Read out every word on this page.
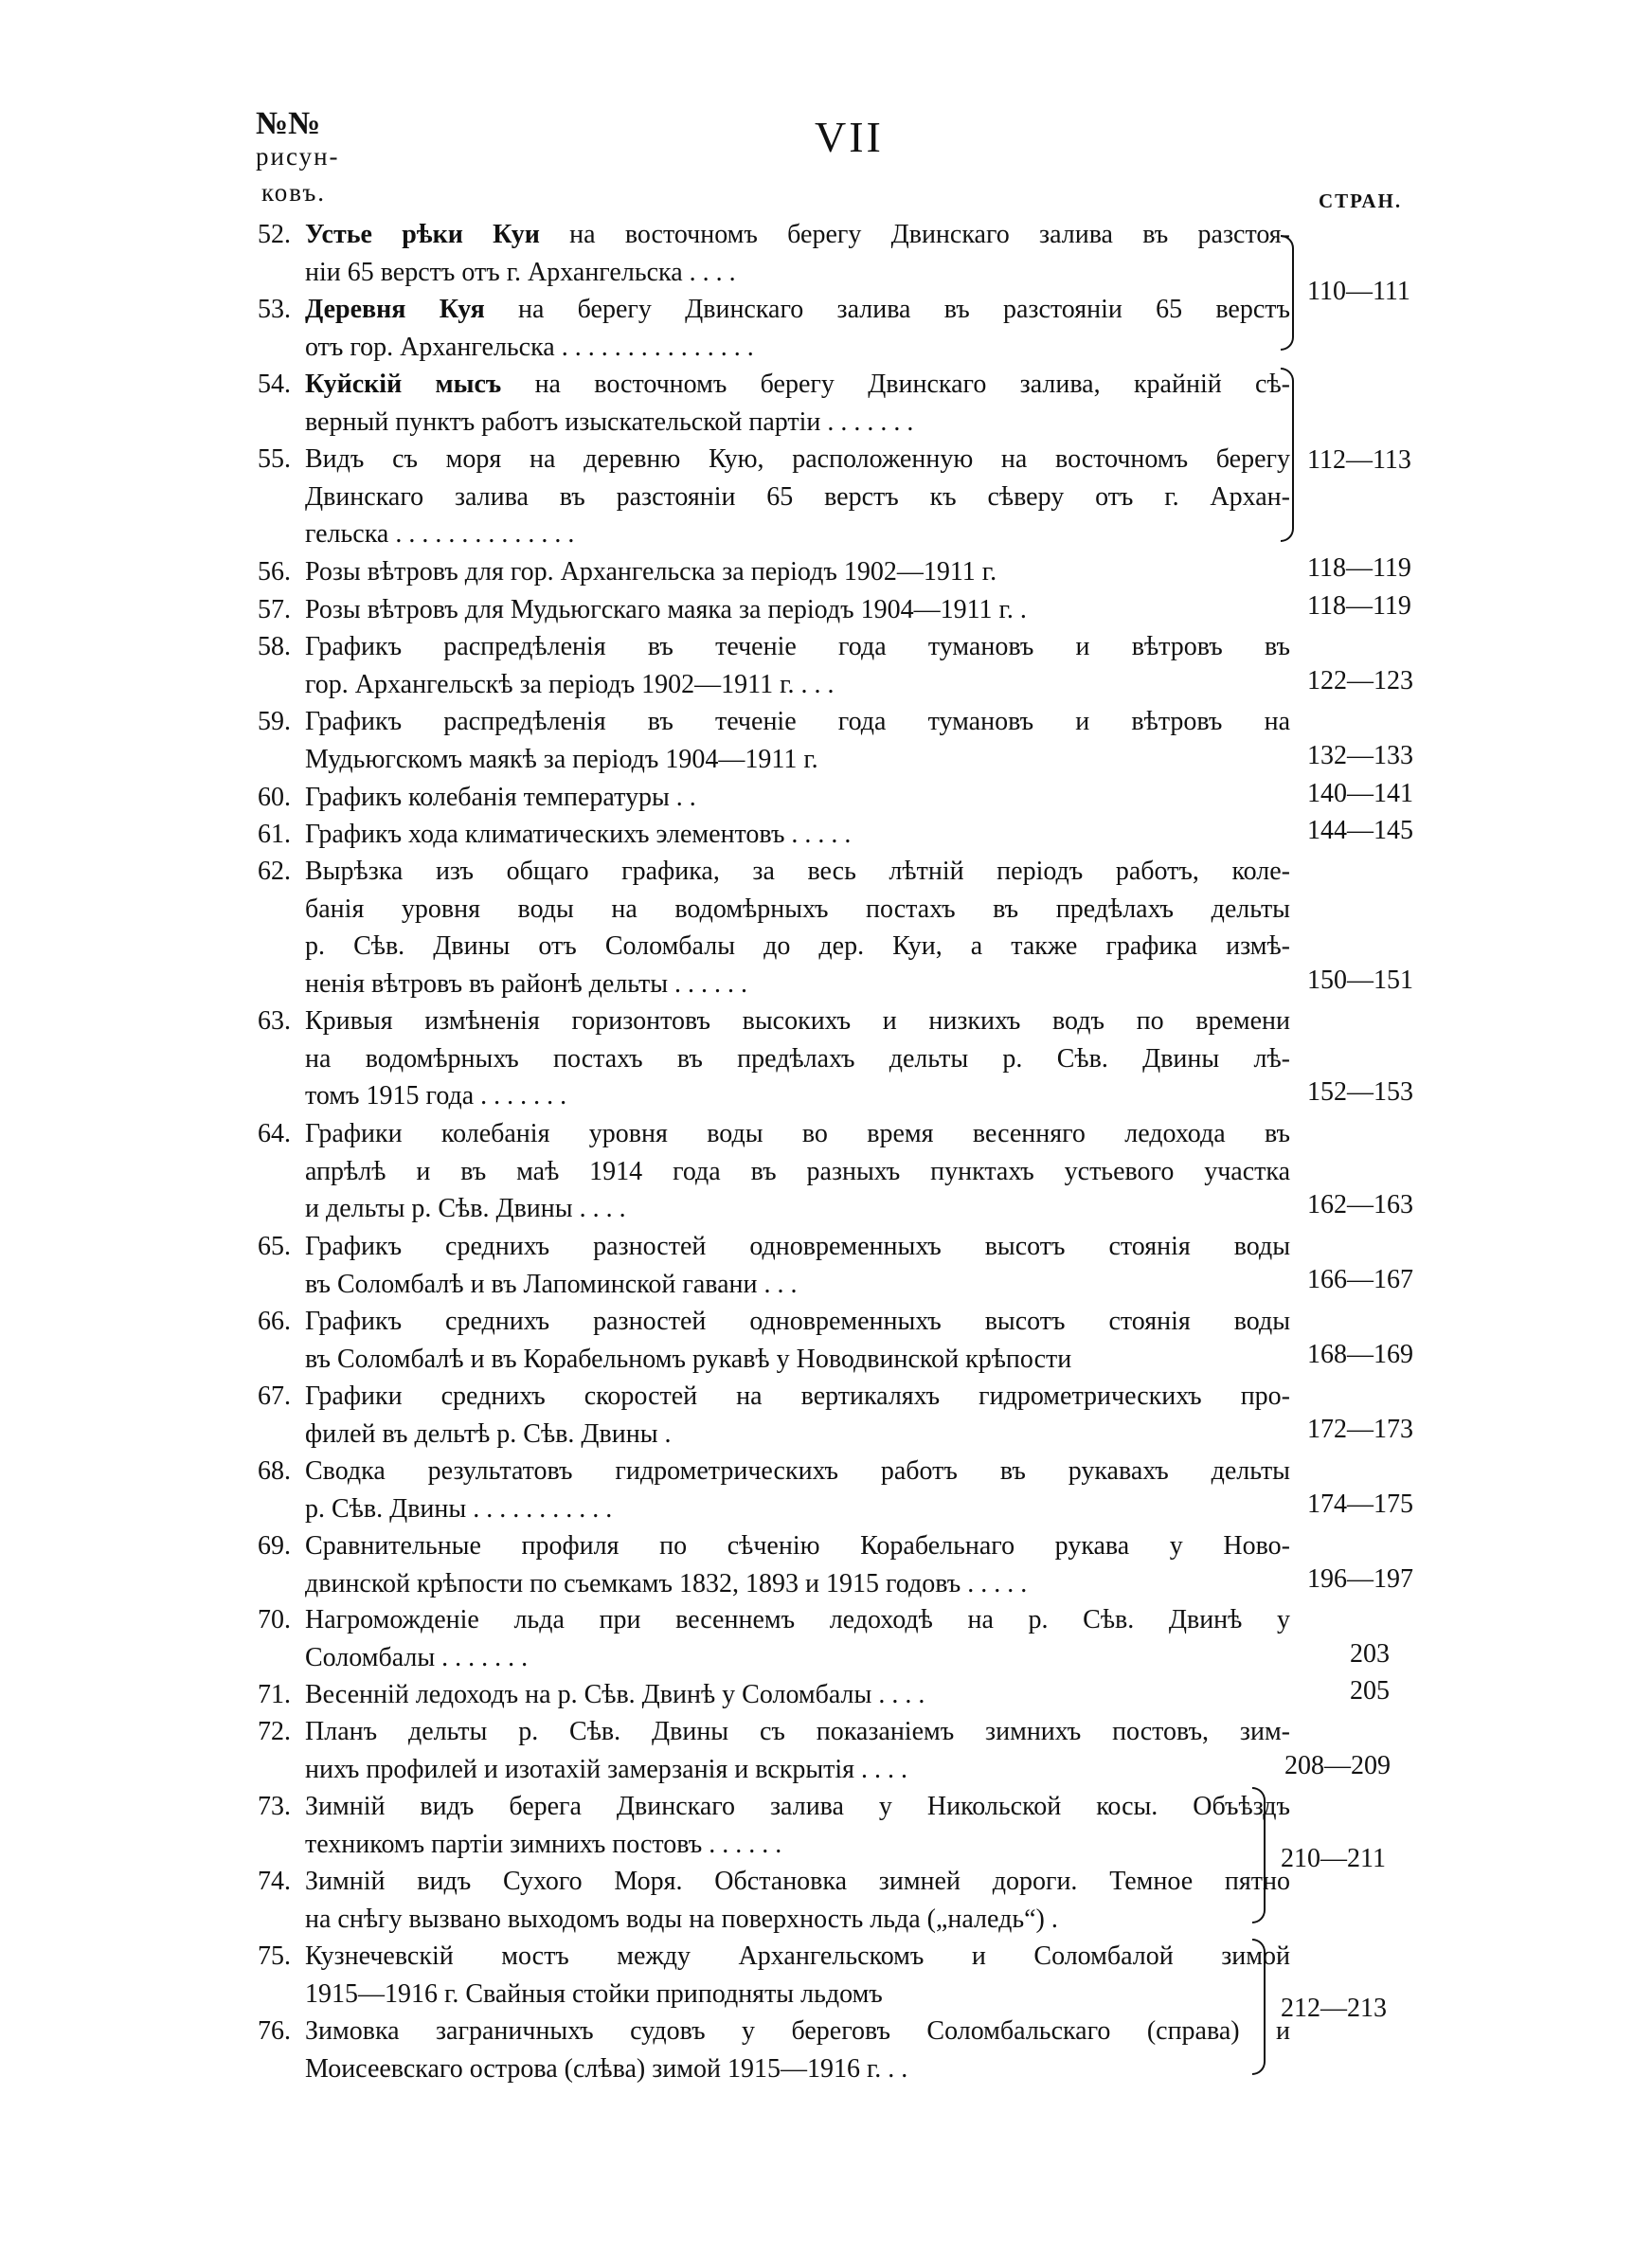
№№
рисун-
ковъ.
VII
СТРАН.
52. Устье рѣки Куи на восточномъ берегу Двинскаго залива въ разстоя-
ніи 65 верстъ отъ г. Архангельска . . . .
53. Деревня Куя на берегу Двинскаго залива въ разстояніи 65 верстъ
отъ гор. Архангельска . . . . . . . . . . . . . . .
54. Куйскій мысъ на восточномъ берегу Двинскаго залива, крайній сѣ-
верный пунктъ работъ изыскательской партіи . . . . . . .
55. Видъ съ моря на деревню Кую, расположенную на восточномъ берегу
Двинскаго залива въ разстояніи 65 верстъ къ сѣверу отъ г. Архан-
гельска . . . . . . . . . . . . . .
56. Розы вѣтровъ для гор. Архангельска за періодъ 1902—1911 г.
57. Розы вѣтровъ для Мудьюгскаго маяка за періодъ 1904—1911 г. .
58. Графикъ распредѣленія въ теченіе года тумановъ и вѣтровъ въ
гор. Архангельскѣ за періодъ 1902—1911 г. . . .
59. Графикъ распредѣленія въ теченіе года тумановъ и вѣтровъ на
Мудьюгскомъ маякѣ за періодъ 1904—1911 г.
60. Графикъ колебанія температуры . .
61. Графикъ хода климатическихъ элементовъ . . . . .
62. Вырѣзка изъ общаго графика, за весь лѣтній періодъ работъ, коле-
банія уровня воды на водомѣрныхъ постахъ въ предѣлахъ дельты
р. Сѣв. Двины отъ Соломбалы до дер. Куи, а также графика измѣ-
ненія вѣтровъ въ районѣ дельты . . . . . .
63. Кривыя измѣненія горизонтовъ высокихъ и низкихъ водъ по времени
на водомѣрныхъ постахъ въ предѣлахъ дельты р. Сѣв. Двины лѣ-
томъ 1915 года . . . . . . .
64. Графики колебанія уровня воды во время весенняго ледохода въ
апрѣлѣ и въ маѣ 1914 года въ разныхъ пунктахъ устьевого участка
и дельты р. Сѣв. Двины . . . .
65. Графикъ среднихъ разностей одновременныхъ высотъ стоянія воды
въ Соломбалѣ и въ Лапоминской гавани . . .
66. Графикъ среднихъ разностей одновременныхъ высотъ стоянія воды
въ Соломбалѣ и въ Корабельномъ рукавѣ у Новодвинской крѣпости
67. Графики среднихъ скоростей на вертикаляхъ гидрометрическихъ про-
филей въ дельтѣ р. Сѣв. Двины .
68. Сводка результатовъ гидрометрическихъ работъ въ рукавахъ дельты
р. Сѣв. Двины . . . . . . . . . . .
69. Сравнительные профиля по сѣченію Корабельнаго рукава у Ново-
двинской крѣпости по съемкамъ 1832, 1893 и 1915 годовъ . . . . .
70. Нагроможденіе льда при весеннемъ ледоходѣ на р. Сѣв. Двинѣ у
Соломбалы . . . . . . .
71. Весенній ледоходъ на р. Сѣв. Двинѣ у Соломбалы . . . .
72. Планъ дельты р. Сѣв. Двины съ показаніемъ зимнихъ постовъ, зим-
нихъ профилей и изотахій замерзанія и вскрытія . . . .
73. Зимній видъ берега Двинскаго залива у Никольской косы. Объѣздъ
техникомъ партіи зимнихъ постовъ . . . . . .
74. Зимній видъ Сухого Моря. Обстановка зимней дороги. Темное пятно
на снѣгу вызвано выходомъ воды на поверхность льда („наледь“) .
75. Кузнечевскій мостъ между Архангельскомъ и Соломбалой зимой
1915—1916 г. Свайныя стойки приподняты льдомъ
76. Зимовка заграничныхъ судовъ у береговъ Соломбальскаго (справа) и
Моисеевскаго острова (слѣва) зимой 1915—1916 г. . .
110—111
112—113
118—119
118—119
122—123
132—133
140—141
144—145
150—151
152—153
162—163
166—167
168—169
172—173
174—175
196—197
203
205
208—209
210—211
212—213
